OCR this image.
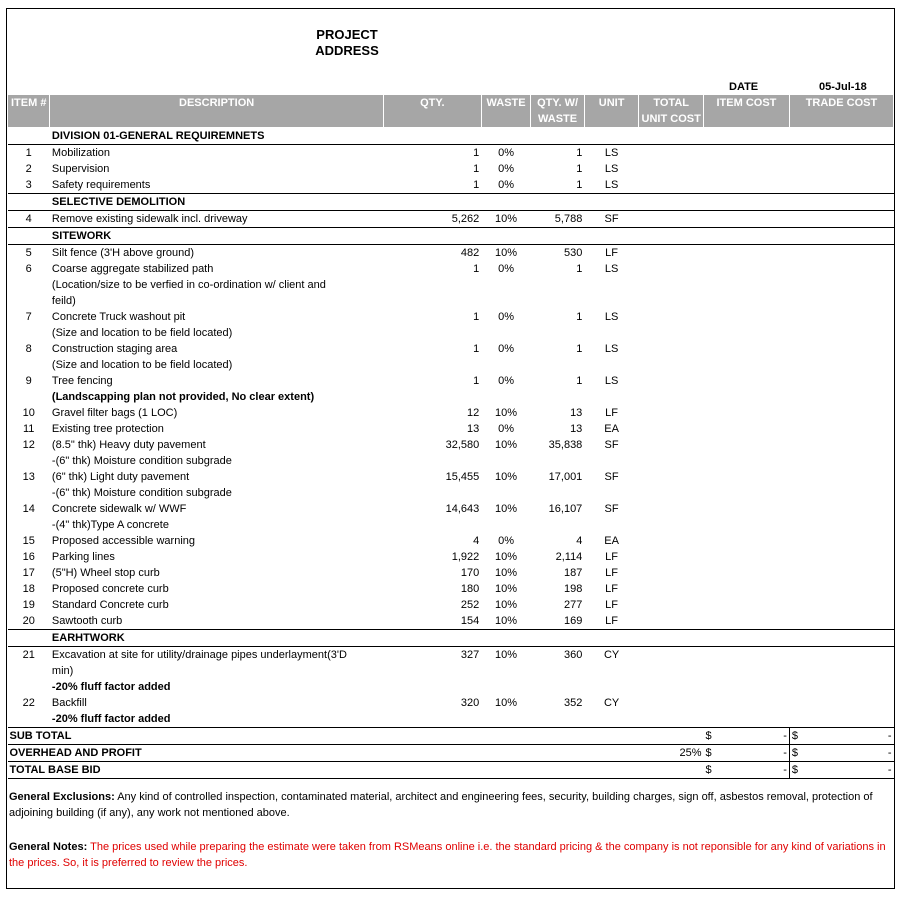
PROJECT
ADDRESS
DATE	05-Jul-18
ITEM #	DESCRIPTION	QTY.	WASTE	QTY. W/	UNIT	TOTAL	ITEM COST	TRADE COST
				WASTE		UNIT COST		
	DIVISION 01-GENERAL REQUIREMNETS							
1	Mobilization	1	0%	1	LS			
2	Supervision	1	0%	1	LS			
3	Safety requirements	1	0%	1	LS			
	SELECTIVE DEMOLITION							
4	Remove existing sidewalk incl. driveway	5,262	10%	5,788	SF			
	SITEWORK							
5	Silt fence (3'H above ground)	482	10%	530	LF			
6	Coarse aggregate stabilized path	1	0%	1	LS			
	(Location/size to be verfied in co-ordination w/ client and							
	feild)							
7	Concrete Truck washout pit	1	0%	1	LS			
	(Size and location to be field located)							
8	Construction staging area	1	0%	1	LS			
	(Size and location to be field located)							
9	Tree fencing	1	0%	1	LS			
	(Landscapping plan not provided, No clear extent)							
10	Gravel filter bags (1 LOC)	12	10%	13	LF			
11	Existing tree protection	13	0%	13	EA			
12	(8.5" thk) Heavy duty pavement	32,580	10%	35,838	SF			
	-(6" thk) Moisture condition subgrade							
13	(6" thk) Light duty pavement	15,455	10%	17,001	SF			
	-(6" thk) Moisture condition subgrade							
14	Concrete sidewalk w/ WWF	14,643	10%	16,107	SF			
	-(4" thk)Type A concrete							
15	Proposed accessible warning	4	0%	4	EA			
16	Parking lines	1,922	10%	2,114	LF			
17	(5"H) Wheel stop curb	170	10%	187	LF			
18	Proposed concrete curb	180	10%	198	LF			
19	Standard Concrete curb	252	10%	277	LF			
20	Sawtooth curb	154	10%	169	LF			
	EARHTWORK							
21	Excavation at site for utility/drainage pipes underlayment(3'D	327	10%	360	CY			
	min)							
	-20% fluff factor added							
22	Backfill	320	10%	352	CY			
	-20% fluff factor added							
SUB TOTAL							$ -	$ -

OVERHEAD AND PROFIT					25%		$ -	$ -

TOTAL BASE BID							$ -	$ -
General Exclusions: Any kind of controlled inspection, contaminated material, architect and engineering fees, security, building charges, sign off, asbestos removal, protection of adjoining building (if any), any work not mentioned above.
General Notes: The prices used while preparing the estimate were taken from RSMeans online i.e. the standard pricing & the company is not reponsible for any kind of variations in the prices. So, it is preferred to review the prices.
